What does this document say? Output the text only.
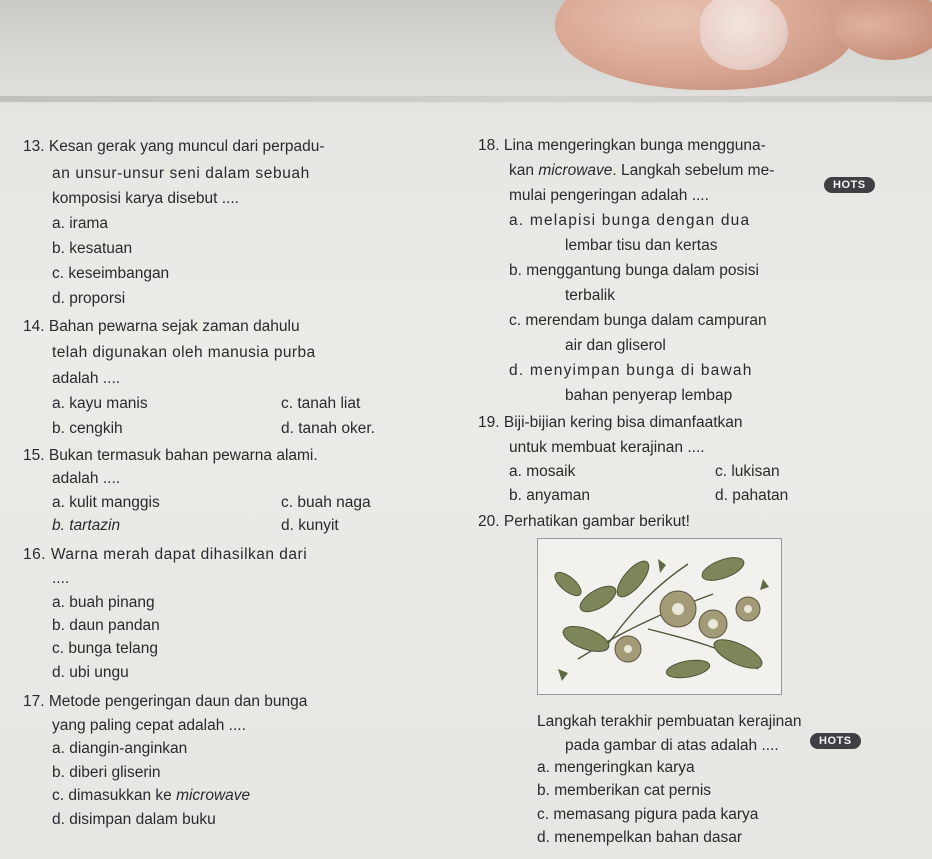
13. Kesan gerak yang muncul dari perpadu-
an unsur-unsur seni dalam sebuah
komposisi karya disebut ....
a. irama
b. kesatuan
c. keseimbangan
d. proporsi
14. Bahan pewarna sejak zaman dahulu
telah digunakan oleh manusia purba
adalah ....
a. kayu manis	c. tanah liat
b. cengkih	d. tanah oker.
15. Bukan termasuk bahan pewarna alami.
adalah ....
a. kulit manggis	c. buah naga
b. tartazin	d. kunyit
16. Warna merah dapat dihasilkan dari
....
a. buah pinang
b. daun pandan
c. bunga telang
d. ubi ungu
17. Metode pengeringan daun dan bunga
yang paling cepat adalah ....
a. diangin-anginkan
b. diberi gliserin
c. dimasukkan ke microwave
d. disimpan dalam buku
18. Lina mengeringkan bunga mengguna-
kan microwave. Langkah sebelum me-
mulai pengeringan adalah ....
HOTS
a. melapisi bunga dengan dua
lembar tisu dan kertas
b. menggantung bunga dalam posisi
terbalik
c. merendam bunga dalam campuran
air dan gliserol
d. menyimpan bunga di bawah
bahan penyerap lembap
19. Biji-bijian kering bisa dimanfaatkan
untuk membuat kerajinan ....
a. mosaik	c. lukisan
b. anyaman	d. pahatan
20. Perhatikan gambar berikut!
Langkah terakhir pembuatan kerajinan
pada gambar di atas adalah ....	HOTS
a. mengeringkan karya
b. memberikan cat pernis
c. memasang pigura pada karya
d. menempelkan bahan dasar
